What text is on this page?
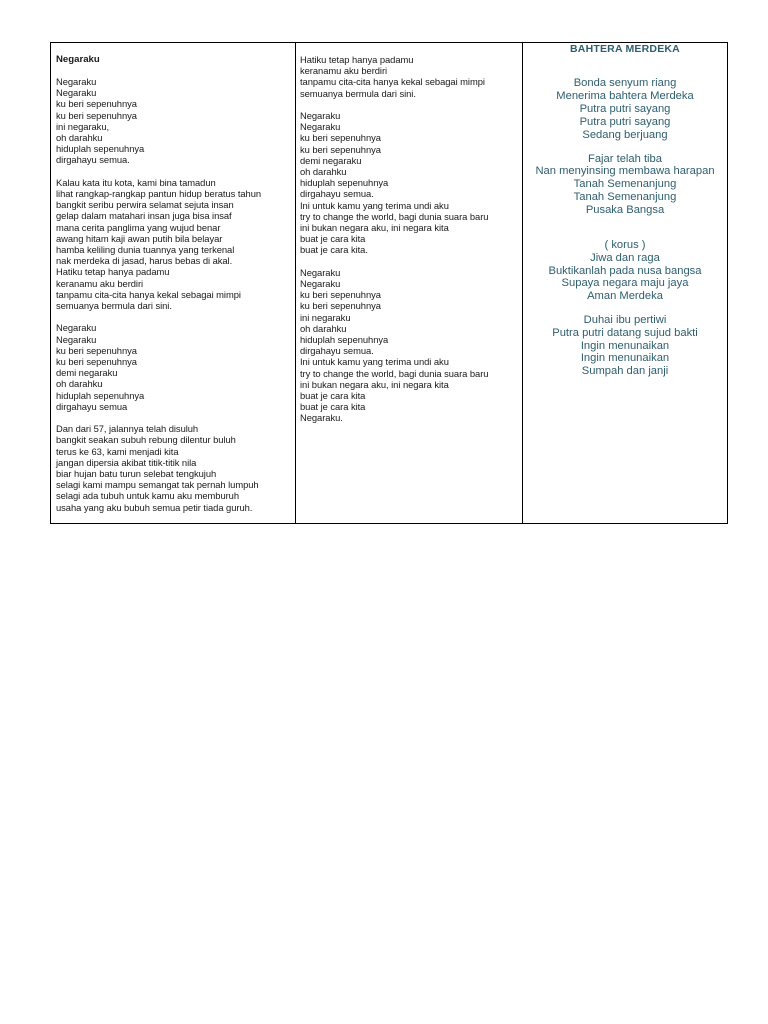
Negaraku
Negaraku
Negaraku
ku beri sepenuhnya
ku beri sepenuhnya
ini negaraku,
oh darahku
hiduplah sepenuhnya
dirgahayu semua.
Kalau kata itu kota, kami bina tamadun
lihat rangkap-rangkap pantun hidup beratus tahun
bangkit seribu perwira selamat sejuta insan
gelap dalam matahari insan juga bisa insaf
mana cerita panglima yang wujud benar
awang hitam kaji awan putih bila belayar
hamba keliling dunia tuannya yang terkenal
nak merdeka di jasad, harus bebas di akal.
Hatiku tetap hanya padamu
keranamu aku berdiri
tanpamu cita-cita hanya kekal sebagai mimpi
semuanya bermula dari sini.
Negaraku
Negaraku
ku beri sepenuhnya
ku beri sepenuhnya
demi negaraku
oh darahku
hiduplah sepenuhnya
dirgahayu semua
Dan dari 57, jalannya telah disuluh
bangkit seakan subuh rebung dilentur buluh
terus ke 63, kami menjadi kita
jangan dipersia akibat titik-titik nila
biar hujan batu turun selebat tengkujuh
selagi kami mampu semangat tak pernah lumpuh
selagi ada tubuh untuk kamu aku memburuh
usaha yang aku bubuh semua petir tiada guruh.
Hatiku tetap hanya padamu
keranamu aku berdiri
tanpamu cita-cita hanya kekal sebagai mimpi
semuanya bermula dari sini.
Negaraku
Negaraku
ku beri sepenuhnya
ku beri sepenuhnya
demi negaraku
oh darahku
hiduplah sepenuhnya
dirgahayu semua.
Ini untuk kamu yang terima undi aku
try to change the world, bagi dunia suara baru
ini bukan negara aku, ini negara kita
buat je cara kita
buat je cara kita.
Negaraku
Negaraku
ku beri sepenuhnya
ku beri sepenuhnya
ini negaraku
oh darahku
hiduplah sepenuhnya
dirgahayu semua.
Ini untuk kamu yang terima undi aku
try to change the world, bagi dunia suara baru
ini bukan negara aku, ini negara kita
buat je cara kita
buat je cara kita
Negaraku.
BAHTERA MERDEKA
Bonda senyum riang
Menerima bahtera Merdeka
Putra putri sayang
Putra putri sayang
Sedang berjuang
Fajar telah tiba
Nan menyinsing membawa harapan
Tanah Semenanjung
Tanah Semenanjung
Pusaka Bangsa
( korus )
Jiwa dan raga
Buktikanlah pada nusa bangsa
Supaya negara maju jaya
Aman Merdeka
Duhai ibu pertiwi
Putra putri datang sujud bakti
Ingin menunaikan
Ingin menunaikan
Sumpah dan janji
